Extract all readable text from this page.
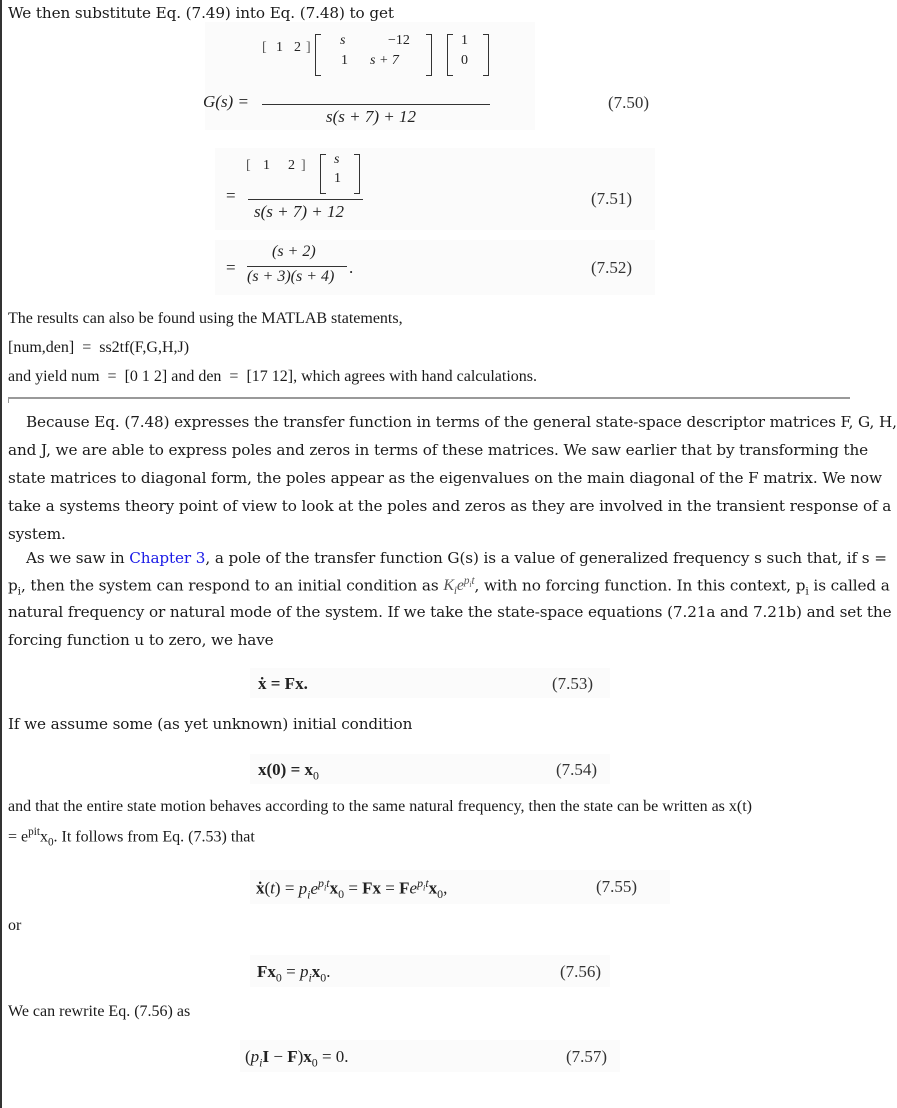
We then substitute Eq. (7.49) into Eq. (7.48) to get
G(s) =
[ 1 2 ] s	−12
1 s + 7
1
0
s(s + 7) + 12
(7.50)
=
[ 1 2 ] s
1
s(s + 7) + 12
(7.51)
=
(s + 2)
(s + 3)(s + 4) .	(7.52)
The results can also be found using the MATLAB statements,
[num,den]  =  ss2tf(F,G,H,J)
and yield num  =  [0 1 2] and den  =  [17 12], which agrees with hand calculations.
Because Eq. (7.48) expresses the transfer function in terms of the general state-space descriptor matrices F, G, H,
and J, we are able to express poles and zeros in terms of these matrices. We saw earlier that by transforming the
state matrices to diagonal form, the poles appear as the eigenvalues on the main diagonal of the F matrix. We now
take a systems theory point of view to look at the poles and zeros as they are involved in the transient response of a
system.
As we saw in Chapter 3, a pole of the transfer function G(s) is a value of generalized frequency s such that, if s =
$p_i$, then the system can respond to an initial condition as $K_ie^{p_it}$, with no forcing function. In this context, $p_i$ is called a
natural frequency or natural mode of the system. If we take the state-space equations (7.21a and 7.21b) and set the
forcing function u to zero, we have
ẋ = Fx.	(7.53)
If we assume some (as yet unknown) initial condition
$x(0) = x_0$	(7.54)
and that the entire state motion behaves according to the same natural frequency, then the state can be written as x(t)
= $e^{pit}x_0$. It follows from Eq. (7.53) that
ẋ(t) = $p_ie^{p_it}x_0 = Fx = Fe^{p_it}x_0$,	(7.55)
or
$Fx_0 = p_ix_0$.	(7.56)
We can rewrite Eq. (7.56) as
$(p_iI - F)x_0 = 0$.	(7.57)
